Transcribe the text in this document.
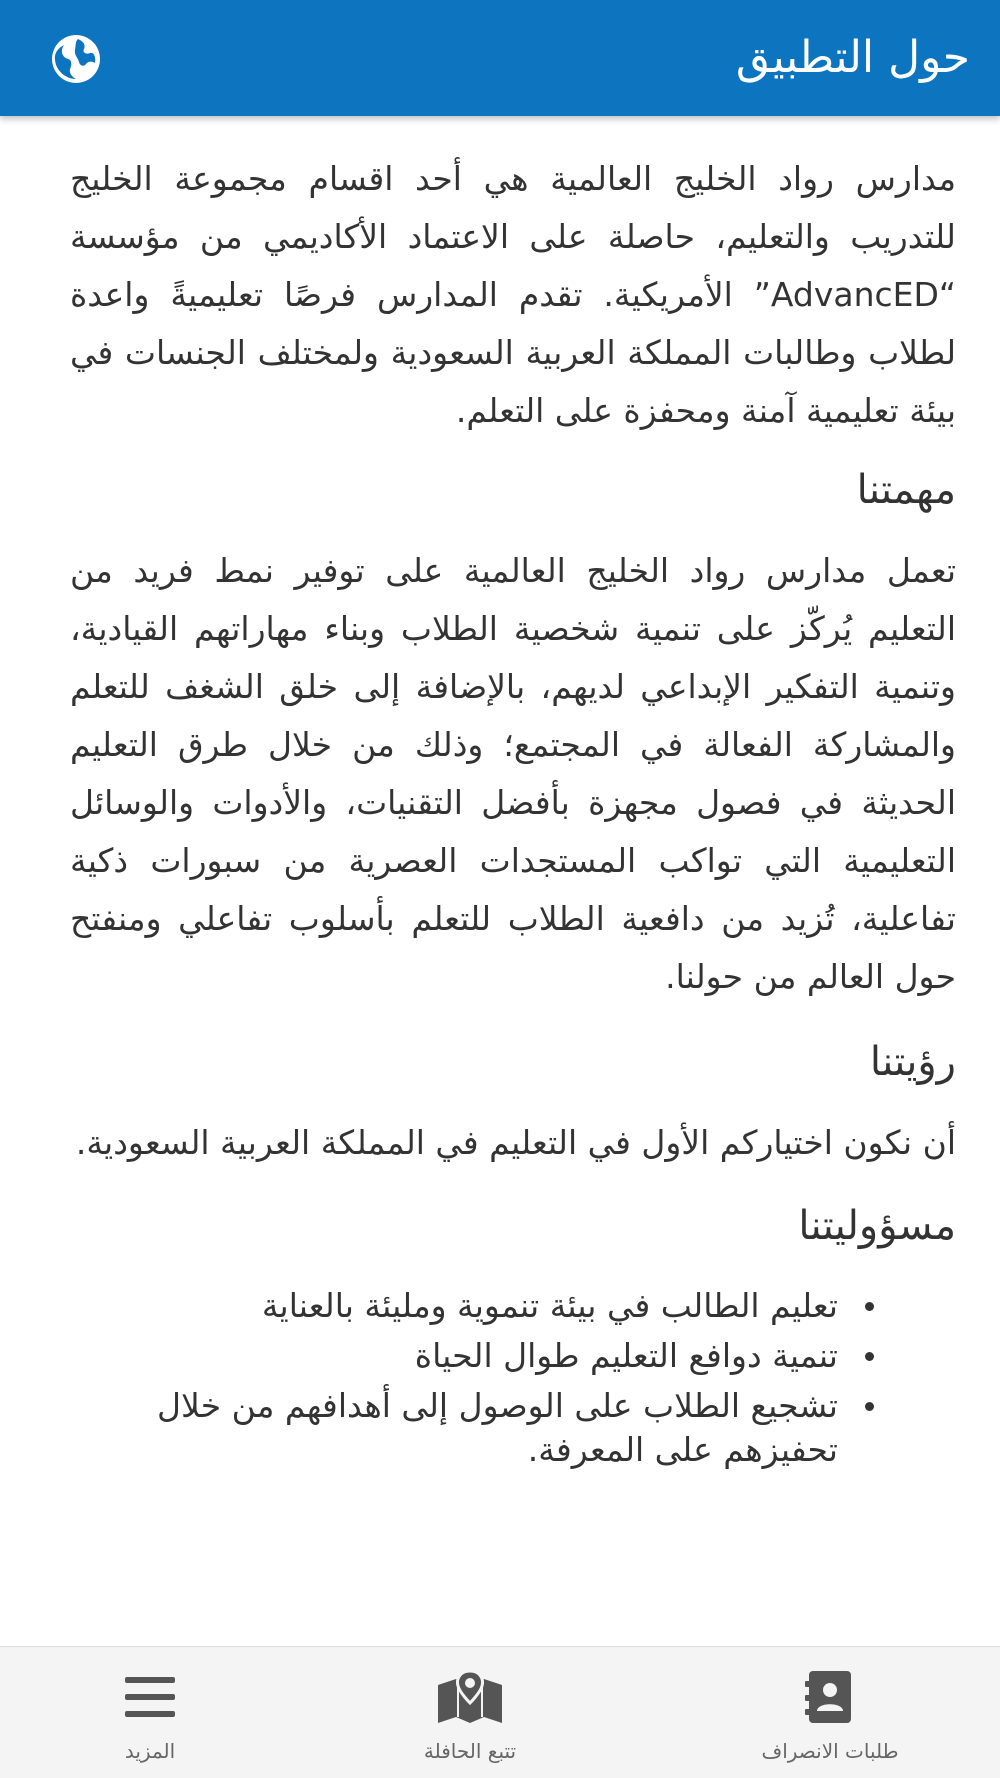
حول التطبيق

مدارس رواد الخليج العالمية هي أحد اقسام مجموعة الخليج للتدريب والتعليم، حاصلة على الاعتماد الأكاديمي من مؤسسة “AdvancED” الأمريكية. تقدم المدارس فرصًا تعليميةً واعدة لطلاب وطالبات المملكة العربية السعودية ولمختلف الجنسات في بيئة تعليمية آمنة ومحفزة على التعلم.

مهمتنا

تعمل مدارس رواد الخليج العالمية على توفير نمط فريد من التعليم يُركّز على تنمية شخصية الطلاب وبناء مهاراتهم القيادية، وتنمية التفكير الإبداعي لديهم، بالإضافة إلى خلق الشغف للتعلم والمشاركة الفعالة في المجتمع؛ وذلك من خلال طرق التعليم الحديثة في فصول مجهزة بأفضل التقنيات، والأدوات والوسائل التعليمية التي تواكب المستجدات العصرية من سبورات ذكية تفاعلية، تُزيد من دافعية الطلاب للتعلم بأسلوب تفاعلي ومنفتح حول العالم من حولنا.

رؤيتنا

أن نكون اختياركم الأول في التعليم في المملكة العربية السعودية.

مسؤوليتنا
تعليم الطالب في بيئة تنموية ومليئة بالعناية
تنمية دوافع التعليم طوال الحياة
تشجيع الطلاب على الوصول إلى أهدافهم من خلال تحفيزهم على المعرفة.
طلبات الانصراف
تتبع الحافلة
المزيد
